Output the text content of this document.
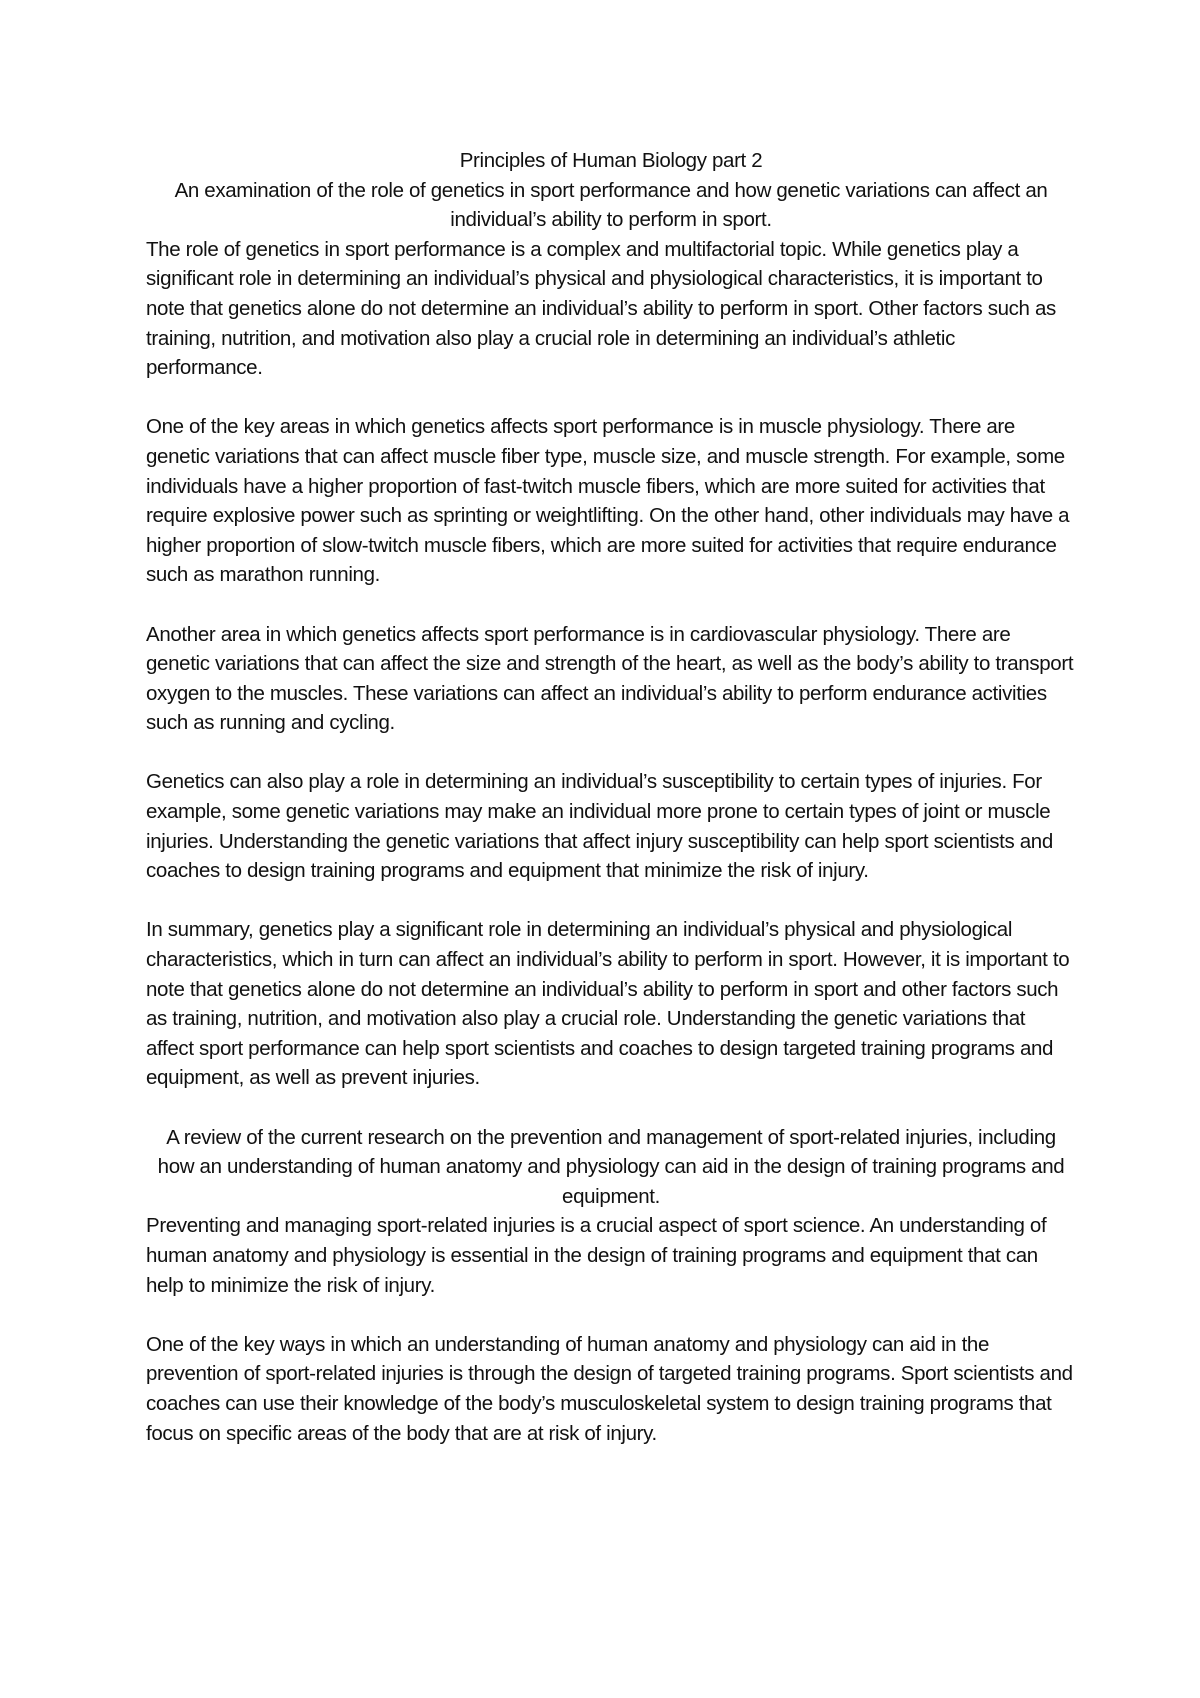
Principles of Human Biology part 2

An examination of the role of genetics in sport performance and how genetic variations can affect an individual’s ability to perform in sport.

The role of genetics in sport performance is a complex and multifactorial topic. While genetics play a significant role in determining an individual’s physical and physiological characteristics, it is important to note that genetics alone do not determine an individual’s ability to perform in sport. Other factors such as training, nutrition, and motivation also play a crucial role in determining an individual’s athletic performance.

One of the key areas in which genetics affects sport performance is in muscle physiology. There are genetic variations that can affect muscle fiber type, muscle size, and muscle strength. For example, some individuals have a higher proportion of fast-twitch muscle fibers, which are more suited for activities that require explosive power such as sprinting or weightlifting. On the other hand, other individuals may have a higher proportion of slow-twitch muscle fibers, which are more suited for activities that require endurance such as marathon running.

Another area in which genetics affects sport performance is in cardiovascular physiology. There are genetic variations that can affect the size and strength of the heart, as well as the body’s ability to transport oxygen to the muscles. These variations can affect an individual’s ability to perform endurance activities such as running and cycling.

Genetics can also play a role in determining an individual’s susceptibility to certain types of injuries. For example, some genetic variations may make an individual more prone to certain types of joint or muscle injuries. Understanding the genetic variations that affect injury susceptibility can help sport scientists and coaches to design training programs and equipment that minimize the risk of injury.

In summary, genetics play a significant role in determining an individual’s physical and physiological characteristics, which in turn can affect an individual’s ability to perform in sport. However, it is important to note that genetics alone do not determine an individual’s ability to perform in sport and other factors such as training, nutrition, and motivation also play a crucial role. Understanding the genetic variations that affect sport performance can help sport scientists and coaches to design targeted training programs and equipment, as well as prevent injuries.

A review of the current research on the prevention and management of sport-related injuries, including how an understanding of human anatomy and physiology can aid in the design of training programs and equipment.

Preventing and managing sport-related injuries is a crucial aspect of sport science. An understanding of human anatomy and physiology is essential in the design of training programs and equipment that can help to minimize the risk of injury.

One of the key ways in which an understanding of human anatomy and physiology can aid in the prevention of sport-related injuries is through the design of targeted training programs. Sport scientists and coaches can use their knowledge of the body’s musculoskeletal system to design training programs that focus on specific areas of the body that are at risk of injury.
